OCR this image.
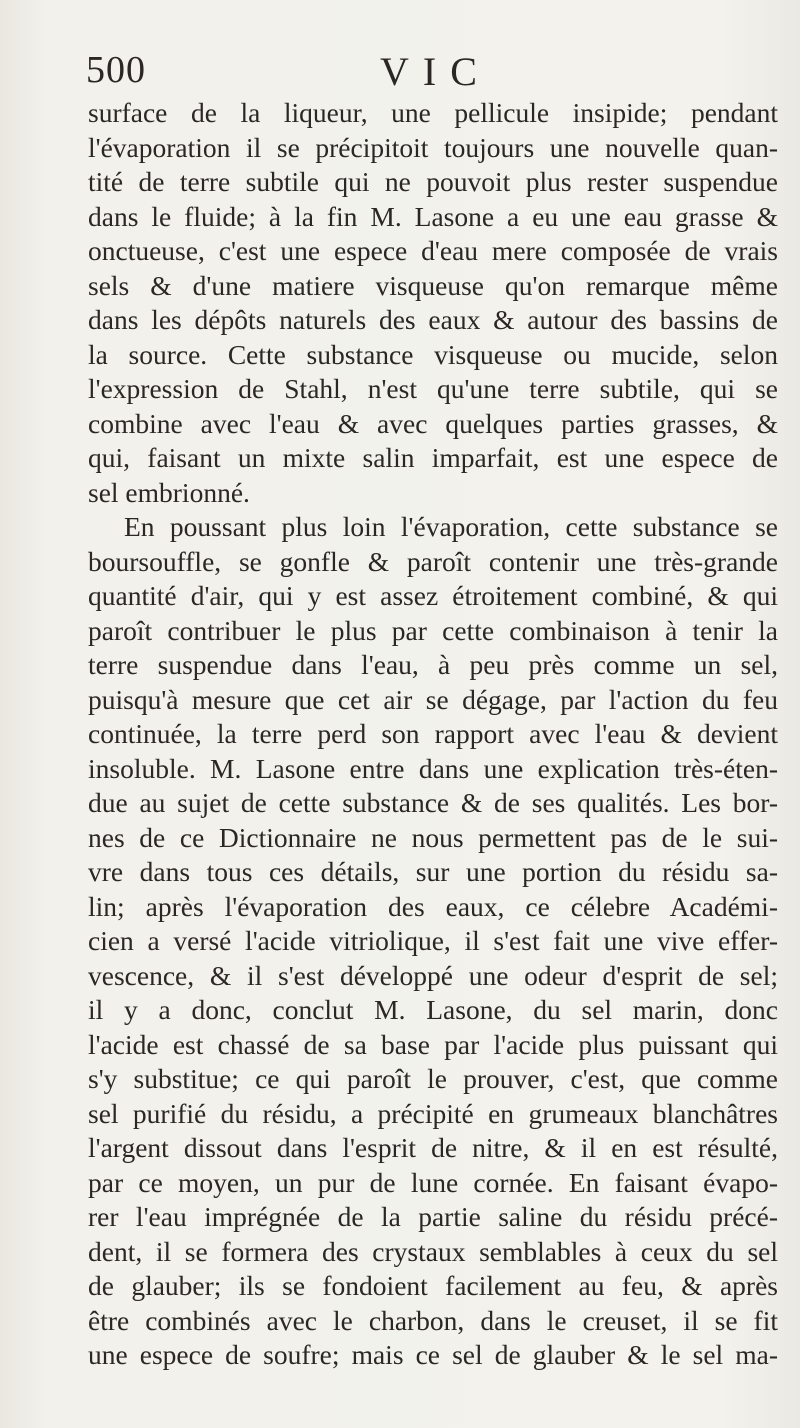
500	VIC
surface de la liqueur, une pellicule insipide; pendant
l'évaporation il se précipitoit toujours une nouvelle quan-
tité de terre subtile qui ne pouvoit plus rester suspendue
dans le fluide; à la fin M. Lasone a eu une eau grasse &
onctueuse, c'est une espece d'eau mere composée de vrais
sels & d'une matiere visqueuse qu'on remarque même
dans les dépôts naturels des eaux & autour des bassins de
la source. Cette substance visqueuse ou mucide, selon
l'expression de Stahl, n'est qu'une terre subtile, qui se
combine avec l'eau & avec quelques parties grasses, &
qui, faisant un mixte salin imparfait, est une espece de
sel embrionné.
En poussant plus loin l'évaporation, cette substance se
boursouffle, se gonfle & paroît contenir une très-grande
quantité d'air, qui y est assez étroitement combiné, & qui
paroît contribuer le plus par cette combinaison à tenir la
terre suspendue dans l'eau, à peu près comme un sel,
puisqu'à mesure que cet air se dégage, par l'action du feu
continuée, la terre perd son rapport avec l'eau & devient
insoluble. M. Lasone entre dans une explication très-éten-
due au sujet de cette substance & de ses qualités. Les bor-
nes de ce Dictionnaire ne nous permettent pas de le sui-
vre dans tous ces détails, sur une portion du résidu sa-
lin; après l'évaporation des eaux, ce célebre Académi-
cien a versé l'acide vitriolique, il s'est fait une vive effer-
vescence, & il s'est développé une odeur d'esprit de sel;
il y a donc, conclut M. Lasone, du sel marin, donc
l'acide est chassé de sa base par l'acide plus puissant qui
s'y substitue; ce qui paroît le prouver, c'est, que comme
sel purifié du résidu, a précipité en grumeaux blanchâtres
l'argent dissout dans l'esprit de nitre, & il en est résulté,
par ce moyen, un pur de lune cornée. En faisant évapo-
rer l'eau imprégnée de la partie saline du résidu précé-
dent, il se formera des crystaux semblables à ceux du sel
de glauber; ils se fondoient facilement au feu, & après
être combinés avec le charbon, dans le creuset, il se fit
une espece de soufre; mais ce sel de glauber & le sel ma-
